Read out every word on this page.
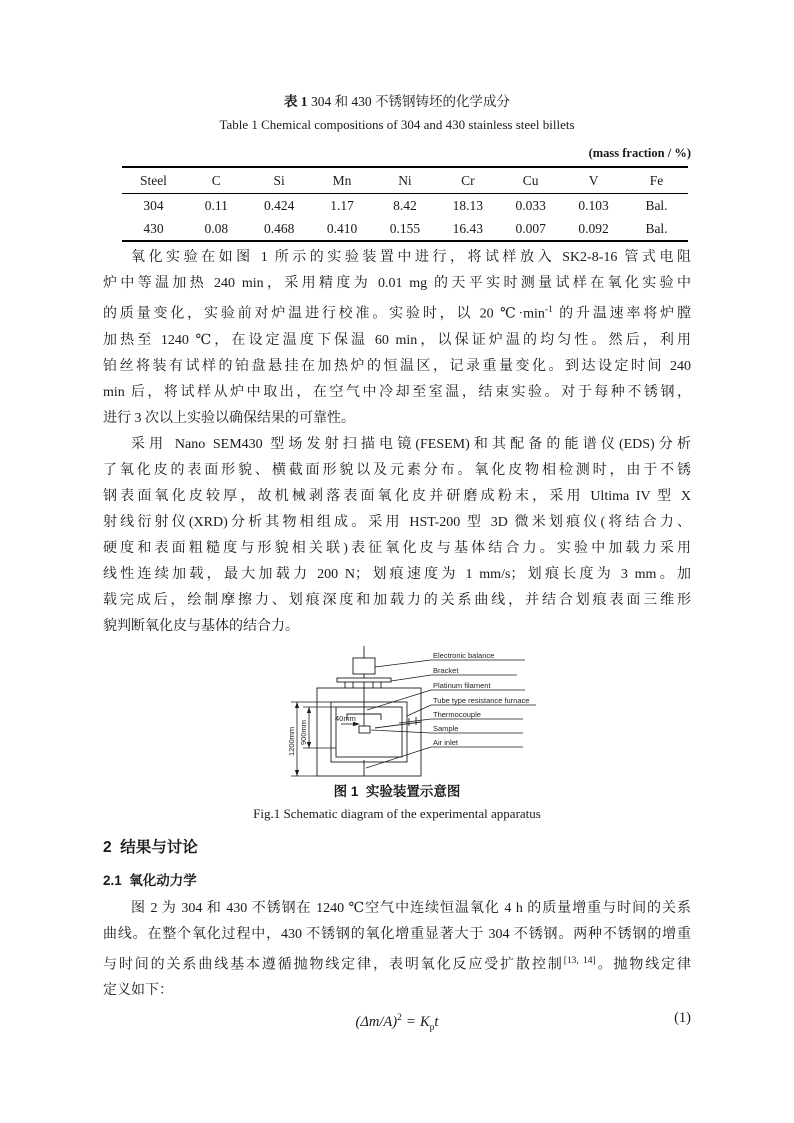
表 1 304 和 430 不锈钢铸坯的化学成分
Table 1 Chemical compositions of 304 and 430 stainless steel billets
(mass fraction / %)
Steel	C	Si	Mn	Ni	Cr	Cu	V	Fe
304	0.11	0.424	1.17	8.42	18.13	0.033	0.103	Bal.
430	0.08	0.468	0.410	0.155	16.43	0.007	0.092	Bal.
氧化实验在如图 1 所示的实验装置中进行，将试样放入 SK2-8-16 管式电阻
炉中等温加热 240 min，采用精度为 0.01 mg 的天平实时测量试样在氧化实验中
的质量变化，实验前对炉温进行校准。实验时，以 20 $℃\cdot\min^{-1}$ 的升温速率将炉膛
加热至 1240 ℃，在设定温度下保温 60 min，以保证炉温的均匀性。然后，利用
铂丝将装有试样的铂盘悬挂在加热炉的恒温区，记录重量变化。到达设定时间 240
min 后，将试样从炉中取出，在空气中冷却至室温，结束实验。对于每种不锈钢，
进行 3 次以上实验以确保结果的可靠性。
采用 Nano SEM430 型场发射扫描电镜(FESEM)和其配备的能谱仪(EDS)分析
了氧化皮的表面形貌、横截面形貌以及元素分布。氧化皮物相检测时，由于不锈
钢表面氧化皮较厚，故机械剥落表面氧化皮并研磨成粉末，采用 Ultima IV 型 X
射线衍射仪(XRD)分析其物相组成。采用 HST-200 型 3D 微米划痕仪(将结合力、
硬度和表面粗糙度与形貌相关联)表征氧化皮与基体结合力。实验中加载力采用
线性连续加载，最大加载力 200 N；划痕速度为 1 mm/s；划痕长度为 3 mm。加
载完成后，绘制摩擦力、划痕深度和加载力的关系曲线，并结合划痕表面三维形
貌判断氧化皮与基体的结合力。
1200mm 900mm
40mm
Electronic balance
Bracket
Platinum filament
Tube type resistance furnace
Thermocouple
Sample
Air inlet
图 1  实验装置示意图
Fig.1 Schematic diagram of the experimental apparatus
2  结果与讨论
2.1  氧化动力学
图 2 为 304 和 430 不锈钢在 1240 ℃空气中连续恒温氧化 4 h 的质量增重与时间的关系
曲线。在整个氧化过程中，430 不锈钢的氧化增重显著大于 304 不锈钢。两种不锈钢的增重
与时间的关系曲线基本遵循抛物线定律，表明氧化反应受扩散控制[13, 14]。抛物线定律
定义如下：
$(\Delta m/A)^2 = K_pt$	(1)
